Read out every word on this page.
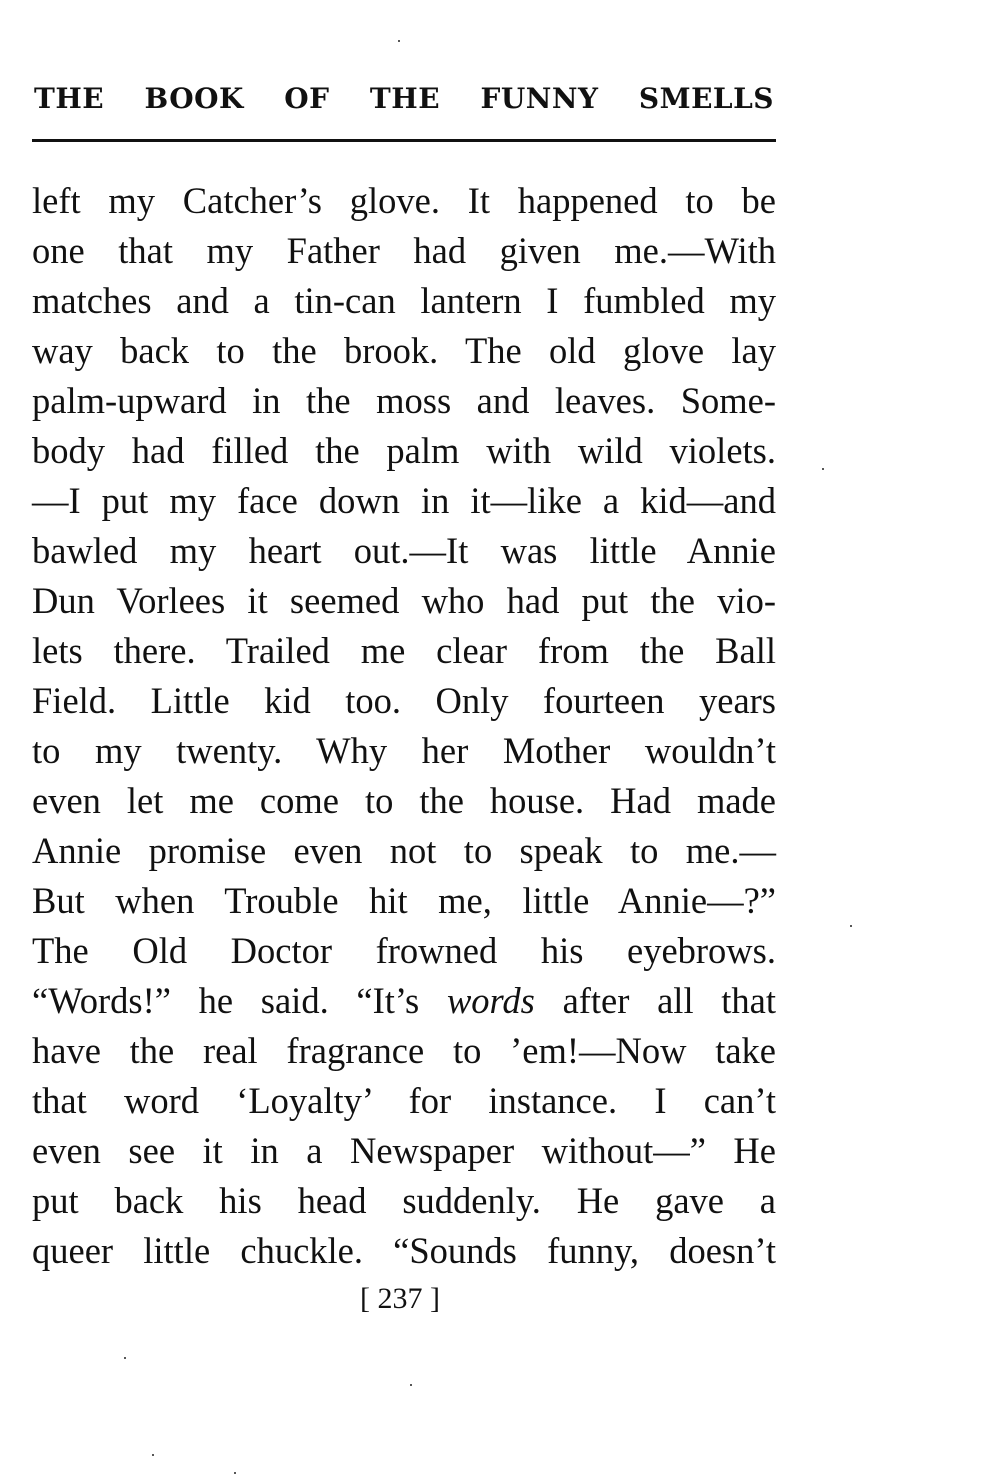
THE BOOK OF THE FUNNY SMELLS
left my Catcher’s glove. It happened to be
one that my Father had given me.—With
matches and a tin-can lantern I fumbled my
way back to the brook. The old glove lay
palm-upward in the moss and leaves. Some-
body had filled the palm with wild violets.
—I put my face down in it—like a kid—and
bawled my heart out.—It was little Annie
Dun Vorlees it seemed who had put the vio-
lets there. Trailed me clear from the Ball
Field. Little kid too. Only fourteen years
to my twenty. Why her Mother wouldn’t
even let me come to the house. Had made
Annie promise even not to speak to me.—
But when Trouble hit me, little Annie—?”
The Old Doctor frowned his eyebrows.
“Words!” he said. “It’s words after all that
have the real fragrance to ’em!—Now take
that word ‘Loyalty’ for instance. I can’t
even see it in a Newspaper without—” He
put back his head suddenly. He gave a
queer little chuckle. “Sounds funny, doesn’t
[ 237 ]
